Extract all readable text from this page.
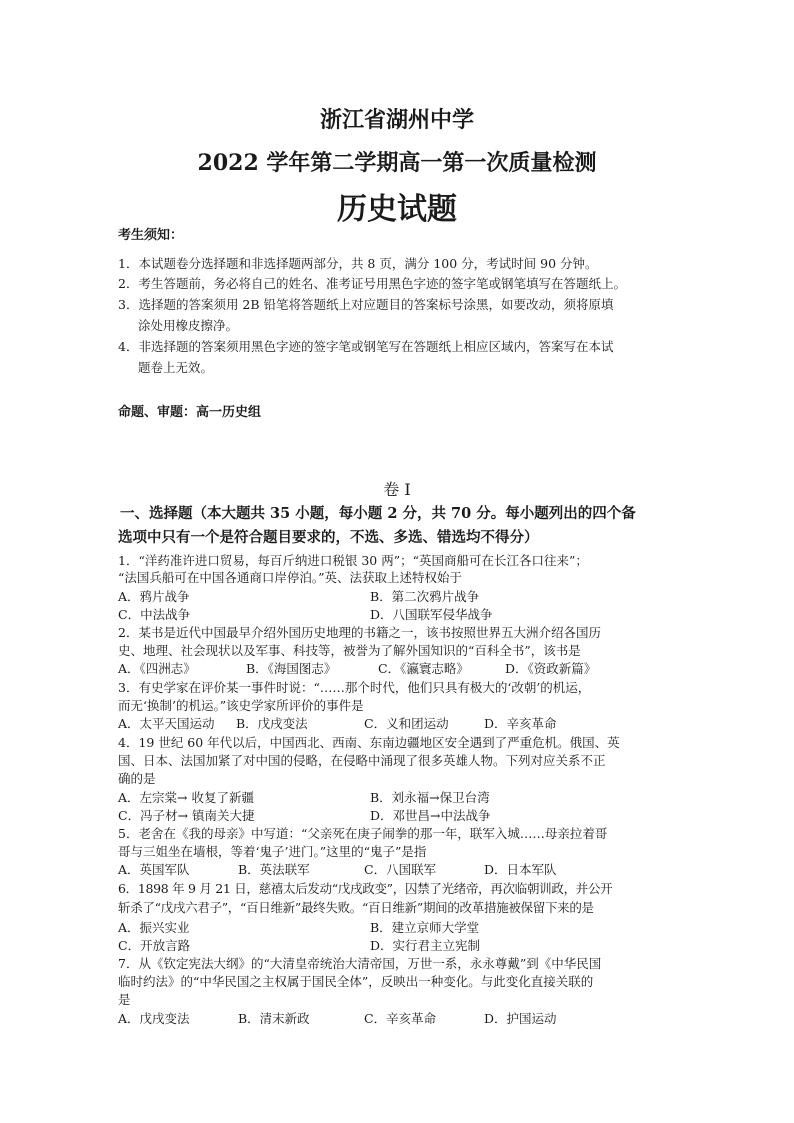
浙江省湖州中学
2022 学年第二学期高一第一次质量检测
历史试题
考生须知：
1．本试题卷分选择题和非选择题两部分，共 8 页，满分 100 分，考试时间 90 分钟。
2．考生答题前，务必将自己的姓名、准考证号用黑色字迹的签字笔或钢笔填写在答题纸上。
3．选择题的答案须用 2B 铅笔将答题纸上对应题目的答案标号涂黑，如要改动，须将原填
涂处用橡皮擦净。
4．非选择题的答案须用黑色字迹的签字笔或钢笔写在答题纸上相应区域内，答案写在本试
题卷上无效。
命题、审题：高一历史组
卷 I
一、选择题（本大题共 35 小题，每小题 2 分，共 70 分。每小题列出的四个备
选项中只有一个是符合题目要求的，不选、多选、错选均不得分）
1．“洋药准许进口贸易，每百斤纳进口税银 30 两”；“英国商船可在长江各口往来”；
“法国兵船可在中国各通商口岸停泊。”英、法获取上述特权始于
A．鸦片战争	B．第二次鸦片战争
C．中法战争	D．八国联军侵华战争
2．某书是近代中国最早介绍外国历史地理的书籍之一，该书按照世界五大洲介绍各国历
史、地理、社会现状以及军事、科技等，被誉为了解外国知识的“百科全书”，该书是
A．《四洲志》	B．《海国图志》	C．《瀛寰志略》	D．《资政新篇》
3．有史学家在评价某一事件时说：“……那个时代，他们只具有极大的‘改朝’的机运，
而无‘换制’的机运。”该史学家所评价的事件是
A．太平天国运动 B．戊戌变法	C．义和团运动	D．辛亥革命
4．19 世纪 60 年代以后，中国西北、西南、东南边疆地区安全遇到了严重危机。俄国、英
国、日本、法国加紧了对中国的侵略，在侵略中涌现了很多英雄人物。下列对应关系不正
确的是
A．左宗棠→ 收复了新疆	B．刘永福→保卫台湾
C．冯子材→ 镇南关大捷	D．邓世昌→中法战争
5．老舍在《我的母亲》中写道：“父亲死在庚子闹拳的那一年，联军入城……母亲拉着哥
哥与三姐坐在墙根，等着‘鬼子’进门。”这里的“鬼子”是指
A．英国军队	B．英法联军	C．八国联军	D．日本军队
6．1898 年 9 月 21 日，慈禧太后发动“戊戌政变”，囚禁了光绪帝，再次临朝训政，并公开
斩杀了“戊戌六君子”，“百日维新”最终失败。“百日维新”期间的改革措施被保留下来的是
A．振兴实业	B．建立京师大学堂
C．开放言路	D．实行君主立宪制
7．从《钦定宪法大纲》的“大清皇帝统治大清帝国，万世一系，永永尊戴”到《中华民国
临时约法》的“中华民国之主权属于国民全体”，反映出一种变化。与此变化直接关联的
是
A．戊戌变法	B．清末新政	C．辛亥革命	D．护国运动
